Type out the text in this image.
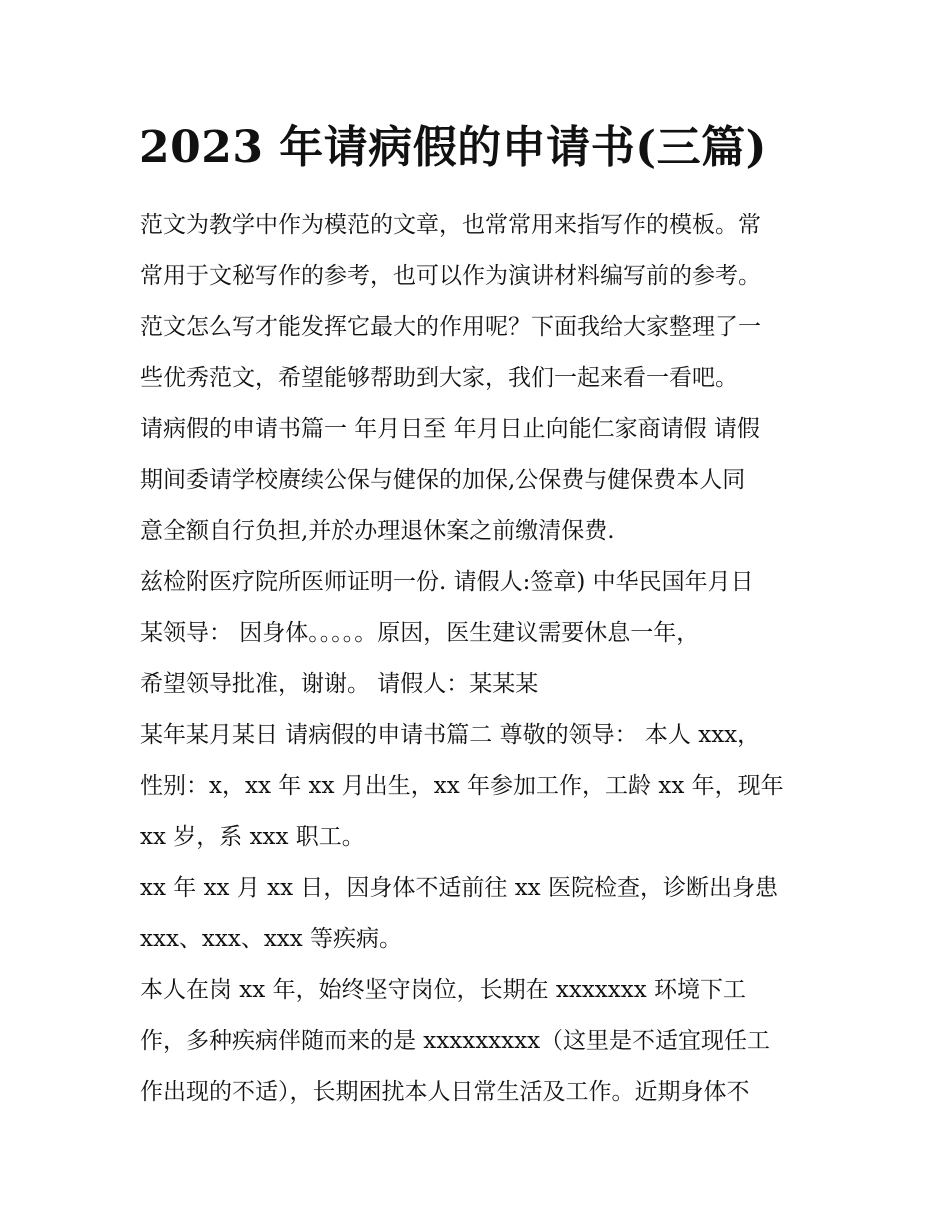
2023 年请病假的申请书(三篇)
范文为教学中作为模范的文章，也常常用来指写作的模板。常
常用于文秘写作的参考，也可以作为演讲材料编写前的参考。
范文怎么写才能发挥它最大的作用呢？下面我给大家整理了一
些优秀范文，希望能够帮助到大家，我们一起来看一看吧。
请病假的申请书篇一 年月日至 年月日止向能仁家商请假 请假
期间委请学校赓续公保与健保的加保,公保费与健保费本人同
意全额自行负担,并於办理退休案之前缴清保费.
兹检附医疗院所医师证明一份. 请假人:签章) 中华民国年月日
某领导： 因身体。。。。。原因，医生建议需要休息一年，
希望领导批准，谢谢。 请假人：某某某
某年某月某日 请病假的申请书篇二 尊敬的领导： 本人 xxx，
性别：x，xx 年 xx 月出生，xx 年参加工作，工龄 xx 年，现年
xx 岁，系 xxx 职工。
xx 年 xx 月 xx 日，因身体不适前往 xx 医院检查，诊断出身患
xxx、xxx、xxx 等疾病。
本人在岗 xx 年，始终坚守岗位，长期在 xxxxxxx 环境下工
作，多种疾病伴随而来的是 xxxxxxxxx（这里是不适宜现任工
作出现的不适），长期困扰本人日常生活及工作。近期身体不
